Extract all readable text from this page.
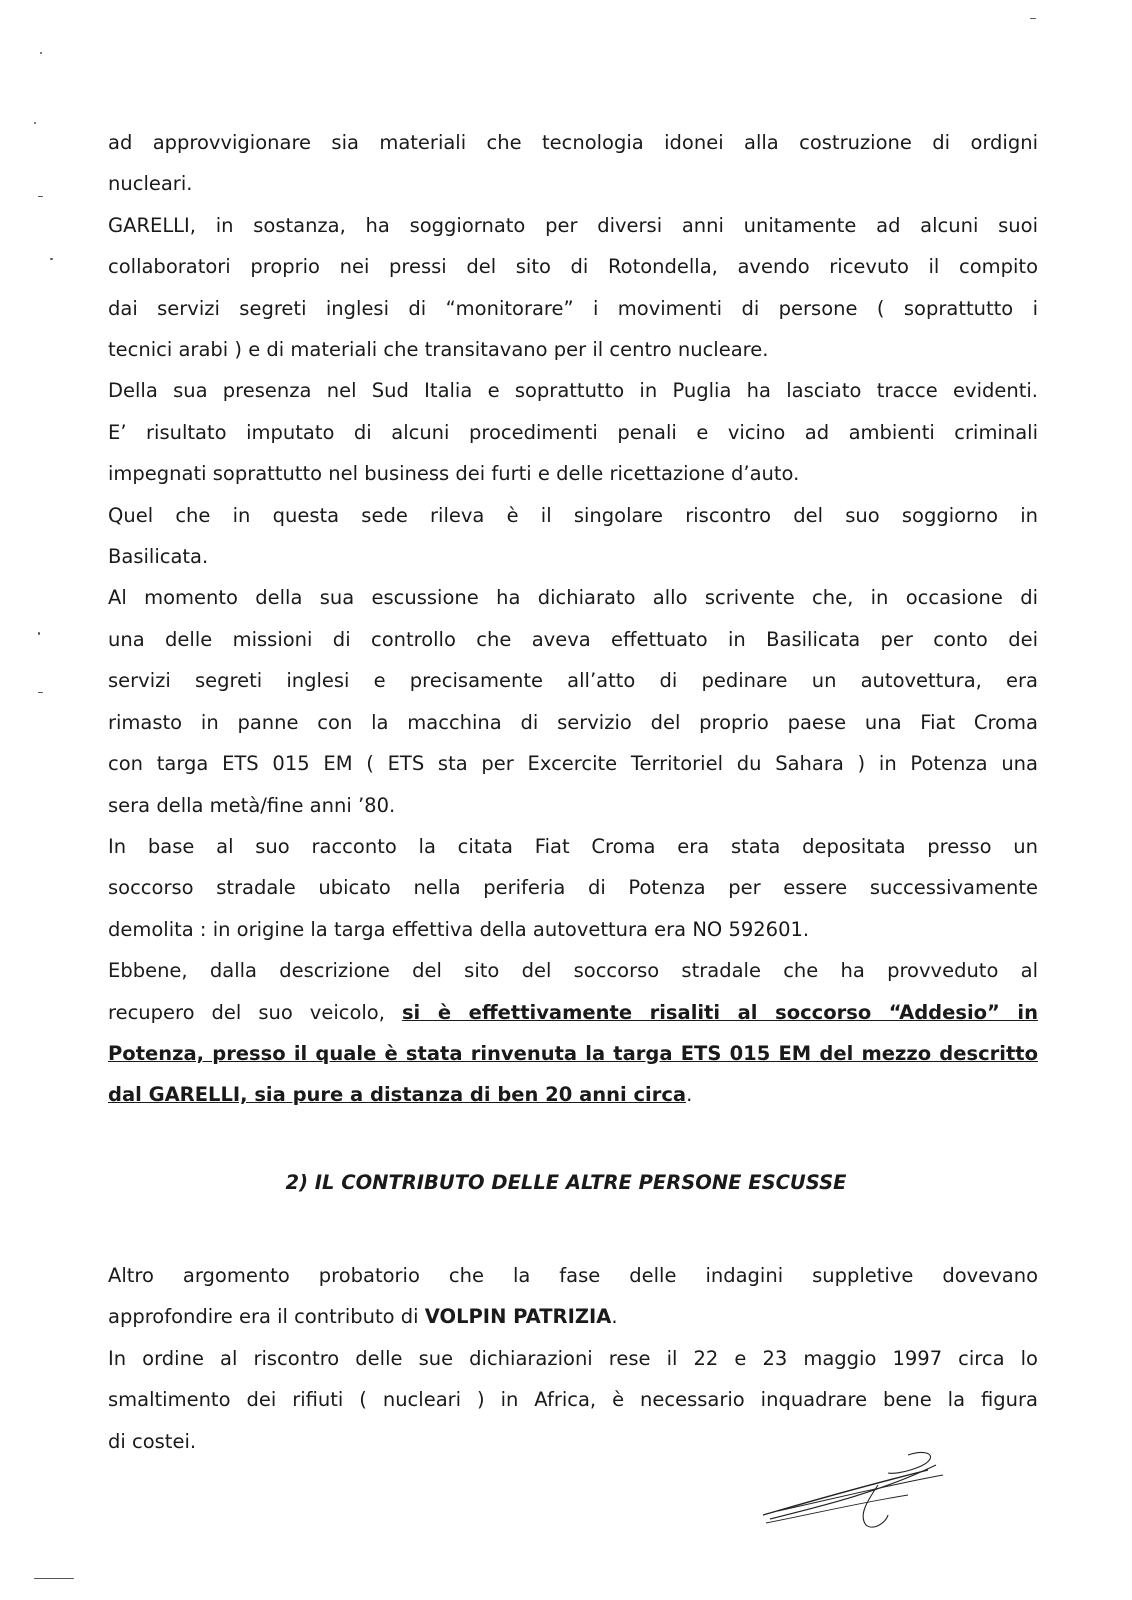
ad approvvigionare sia materiali che tecnologia idonei alla costruzione di ordigni
nucleari.
GARELLI, in sostanza, ha soggiornato per diversi anni unitamente ad alcuni suoi
collaboratori proprio nei pressi del sito di Rotondella, avendo ricevuto il compito
dai servizi segreti inglesi di “monitorare” i movimenti di persone ( soprattutto i
tecnici arabi ) e di materiali che transitavano per il centro nucleare.
Della sua presenza nel Sud Italia e soprattutto in Puglia ha lasciato tracce evidenti.
E’ risultato imputato di alcuni procedimenti penali e vicino ad ambienti criminali
impegnati soprattutto nel business dei furti e delle ricettazione d’auto.
Quel che in questa sede rileva è il singolare riscontro del suo soggiorno in
Basilicata.
Al momento della sua escussione ha dichiarato allo scrivente che, in occasione di
una delle missioni di controllo che aveva effettuato in Basilicata per conto dei
servizi segreti inglesi e precisamente all’atto di pedinare un autovettura, era
rimasto in panne con la macchina di servizio del proprio paese una Fiat Croma
con targa ETS 015 EM ( ETS sta per Excercite Territoriel du Sahara ) in Potenza una
sera della metà/fine anni ’80.
In base al suo racconto la citata Fiat Croma era stata depositata presso un
soccorso stradale ubicato nella periferia di Potenza per essere successivamente
demolita : in origine la targa effettiva della autovettura era NO 592601.
Ebbene, dalla descrizione del sito del soccorso stradale che ha provveduto al
recupero del suo veicolo, si è effettivamente risaliti al soccorso “Addesio” in
Potenza, presso il quale è stata rinvenuta la targa ETS 015 EM del mezzo descritto
dal GARELLI, sia pure a distanza di ben 20 anni circa.
2) IL CONTRIBUTO DELLE ALTRE PERSONE ESCUSSE
Altro argomento probatorio che la fase delle indagini suppletive dovevano
approfondire era il contributo di VOLPIN PATRIZIA.
In ordine al riscontro delle sue dichiarazioni rese il 22 e 23 maggio 1997 circa lo
smaltimento dei rifiuti ( nucleari ) in Africa, è necessario inquadrare bene la figura
di costei.
